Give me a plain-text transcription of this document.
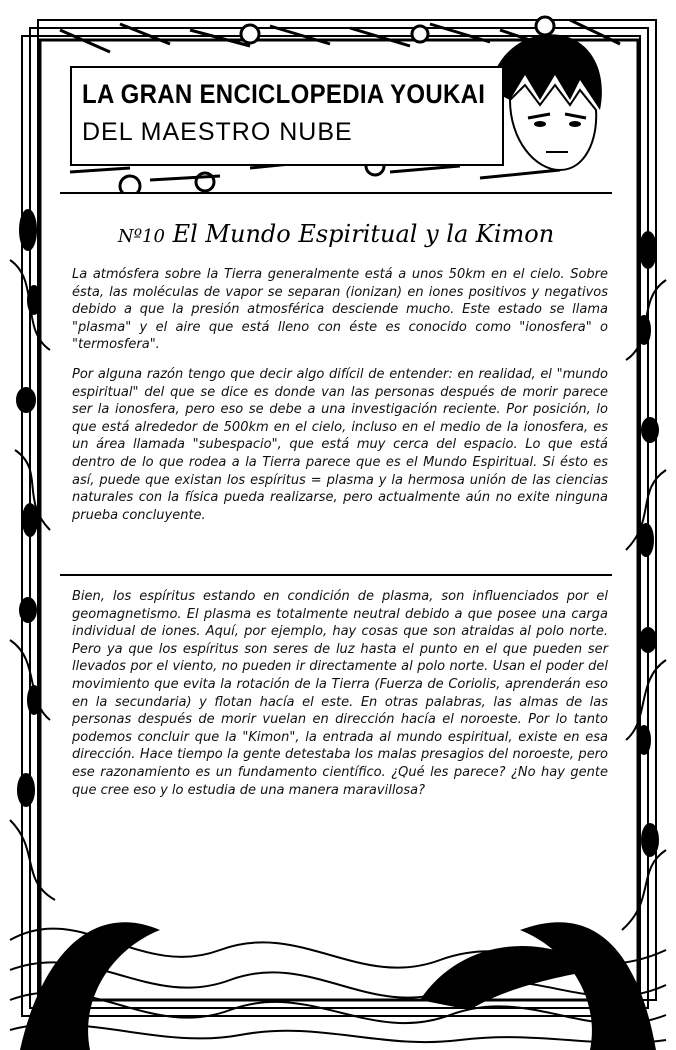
LA GRAN ENCICLOPEDIA YOUKAI
DEL MAESTRO NUBE
Nº10 El Mundo Espiritual y la Kimon

La atmósfera sobre la Tierra generalmente está a unos 50km en el cielo. Sobre ésta, las moléculas de vapor se separan (ionizan) en iones positivos y negativos debido a que la presión atmosférica desciende mucho. Este estado se llama "plasma" y el aire que está lleno con éste es conocido como "ionosfera" o "termosfera".

Por alguna razón tengo que decir algo difícil de entender: en realidad, el "mundo espiritual" del que se dice es donde van las personas después de morir parece ser la ionosfera, pero eso se debe a una investigación reciente. Por posición, lo que está alrededor de 500km en el cielo, incluso en el medio de la ionosfera, es un área llamada "subespacio", que está muy cerca del espacio. Lo que está dentro de lo que rodea a la Tierra parece que es el Mundo Espiritual. Si ésto es así, puede que existan los espíritus = plasma y la hermosa unión de las ciencias naturales con la física pueda realizarse, pero actualmente aún no exite ninguna prueba concluyente.

Bien, los espíritus estando en condición de plasma, son influenciados por el geomagnetismo. El plasma es totalmente neutral debido a que posee una carga individual de iones. Aquí, por ejemplo, hay cosas que son atraidas al polo norte. Pero ya que los espíritus son seres de luz hasta el punto en el que pueden ser llevados por el viento, no pueden ir directamente al polo norte. Usan el poder del movimiento que evita la rotación de la Tierra (Fuerza de Coriolis, aprenderán eso en la secundaria) y flotan hacía el este. En otras palabras, las almas de las personas después de morir vuelan en dirección hacía el noroeste. Por lo tanto podemos concluir que la "Kimon", la entrada al mundo espiritual, existe en esa dirección. Hace tiempo la gente detestaba los malas presagios del noroeste, pero ese razonamiento es un fundamento científico. ¿Qué les parece? ¿No hay gente que cree eso y lo estudia de una manera maravillosa?
